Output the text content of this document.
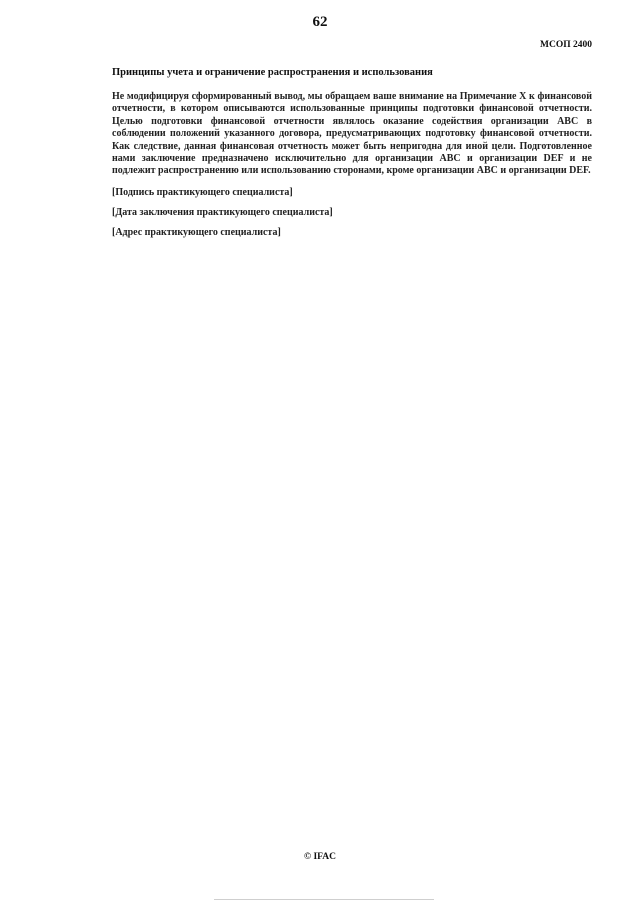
62

МСОП 2400

Принципы учета и ограничение распространения и использования

Не модифицируя сформированный вывод, мы обращаем ваше внимание на Примечание X к финансовой отчетности, в котором описываются использованные принципы подготовки финансовой отчетности. Целью подготовки финансовой отчетности являлось оказание содействия организации ABC в соблюдении положений указанного договора, предусматривающих подготовку финансовой отчетности. Как следствие, данная финансовая отчетность может быть непригодна для иной цели. Подготовленное нами заключение предназначено исключительно для организации ABC и организации DEF и не подлежит распространению или использованию сторонами, кроме организации ABC и организации DEF.

[Подпись практикующего специалиста]

[Дата заключения практикующего специалиста]

[Адрес практикующего специалиста]

© IFAC
